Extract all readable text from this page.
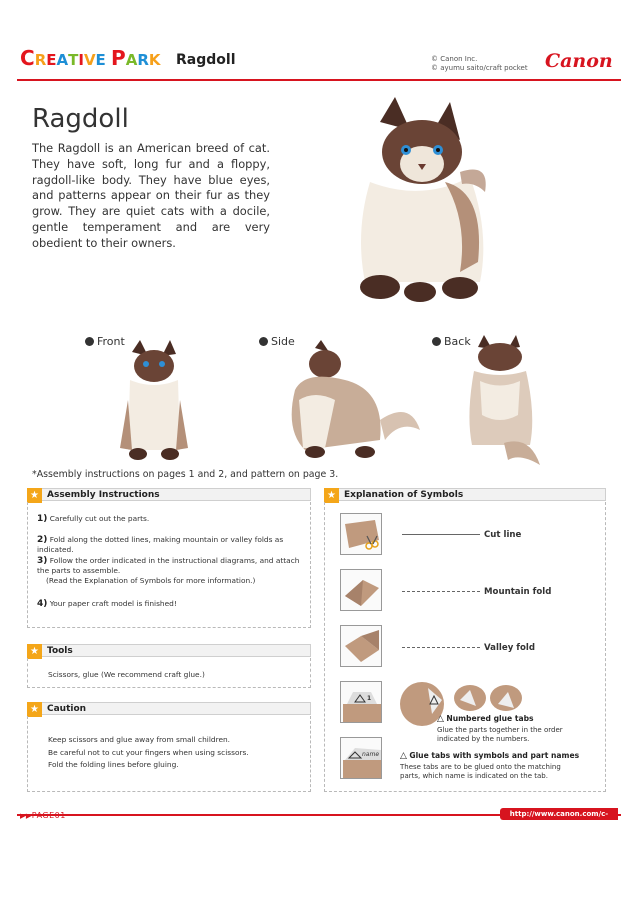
CREATIVE PARK Ragdoll	© Canon Inc.
© ayumu saito/craft pocket Canon
Ragdoll
The Ragdoll is an American breed of cat. They have soft, long fur and a floppy, ragdoll-like body. They have blue eyes, and patterns appear on their fur as they grow. They are quiet cats with a docile, gentle temperament and are very obedient to their owners.
Front	Side	Back
*Assembly instructions on pages 1 and 2, and pattern on page 3.
★ Assembly Instructions
1) Carefully cut out the parts.
2) Fold along the dotted lines, making mountain or valley folds as indicated.
3) Follow the order indicated in the instructional diagrams, and attach the parts to assemble.
(Read the Explanation of Symbols for more information.)
4) Your paper craft model is finished!
★ Tools
Scissors, glue (We recommend craft glue.)
★ Caution
Keep scissors and glue away from small children.
Be careful not to cut your fingers when using scissors.
Fold the folding lines before gluing.
★ Explanation of Symbols
Cut line
Mountain fold
Valley fold
1
name
△ Numbered glue tabs
Glue the parts together in the order indicated by the numbers.
△ Glue tabs with symbols and part names
These tabs are to be glued onto the matching parts, which name is indicated on the tab.
▶▶PAGE01	http://www.canon.com/c-park/
